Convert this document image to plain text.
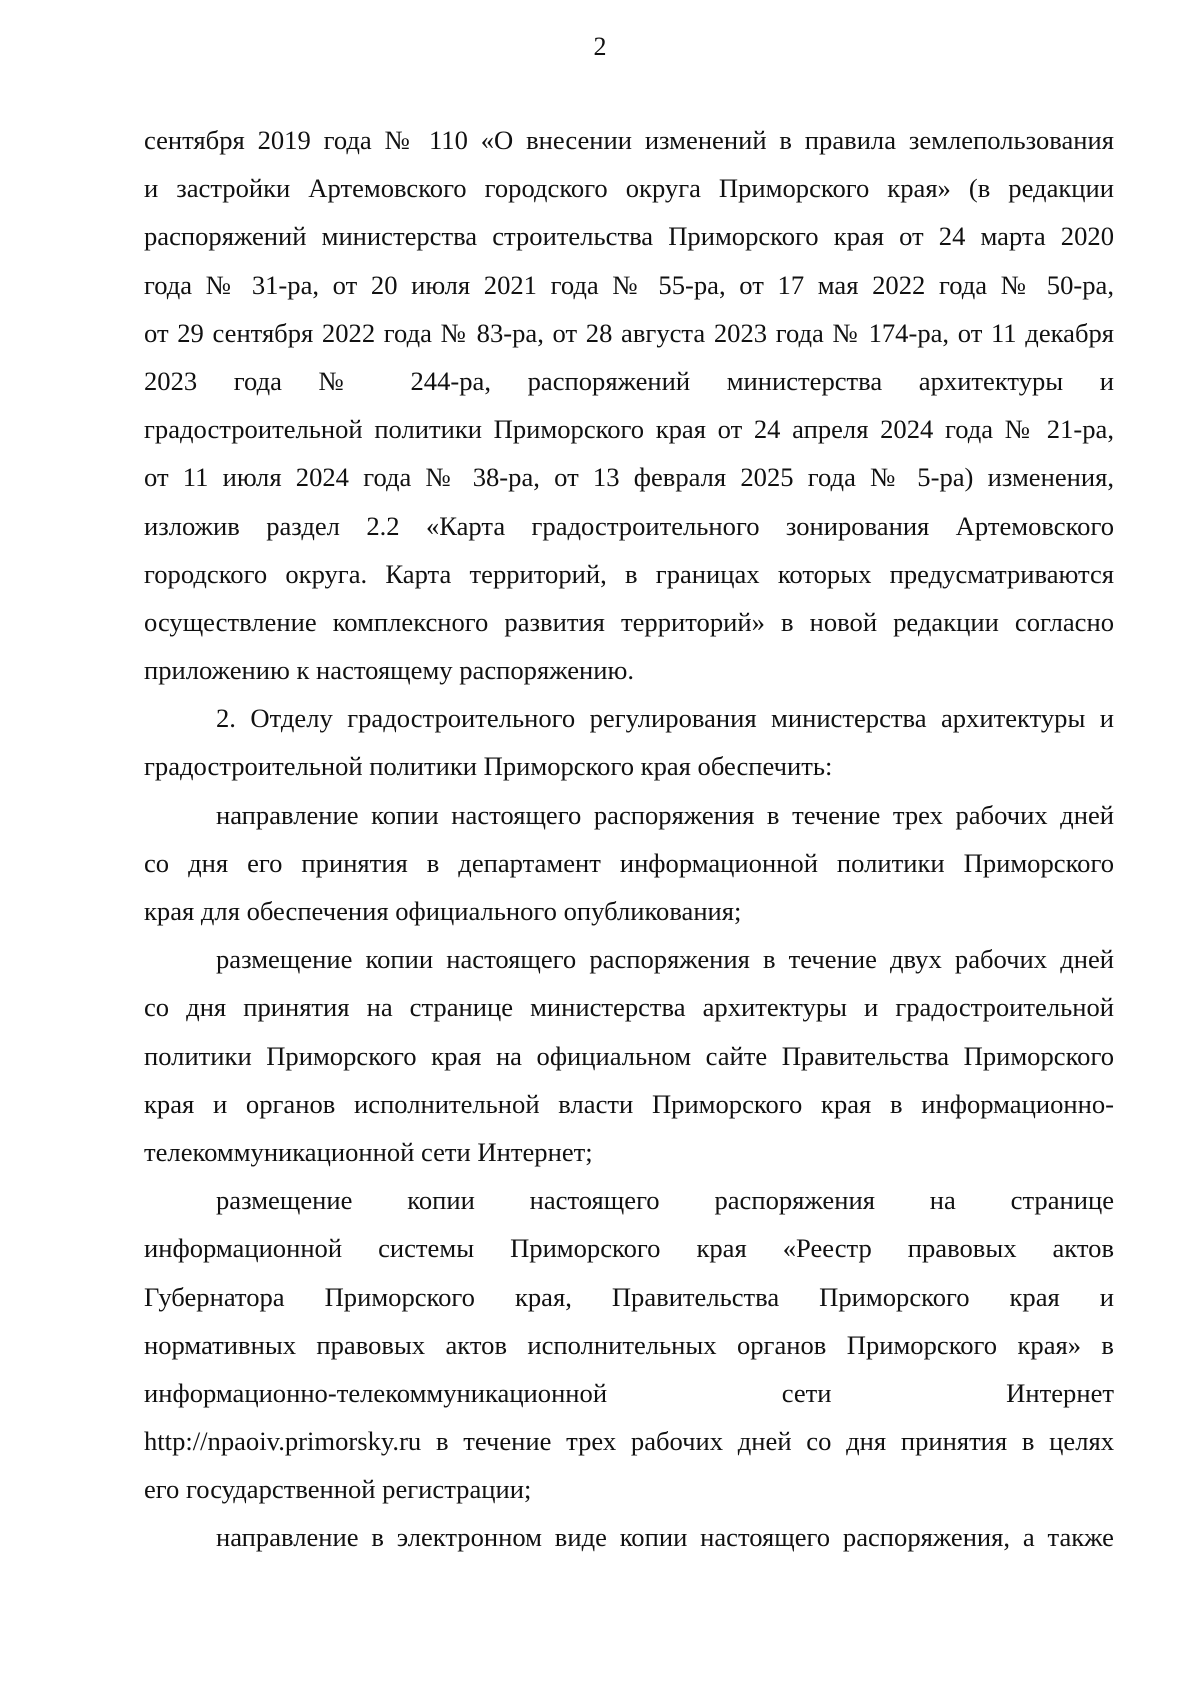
2
сентября 2019 года № 110 «О внесении изменений в правила землепользования
и застройки Артемовского городского округа Приморского края» (в редакции
распоряжений министерства строительства Приморского края от 24 марта 2020
года № 31-ра, от 20 июля 2021 года № 55-ра, от 17 мая 2022 года № 50-ра,
от 29 сентября 2022 года № 83-ра, от 28 августа 2023 года № 174-ра, от 11 декабря
2023 года № 244-ра, распоряжений министерства архитектуры и
градостроительной политики Приморского края от 24 апреля 2024 года № 21-ра,
от 11 июля 2024 года № 38-ра, от 13 февраля 2025 года № 5-ра) изменения,
изложив раздел 2.2 «Карта градостроительного зонирования Артемовского
городского округа. Карта территорий, в границах которых предусматриваются
осуществление комплексного развития территорий» в новой редакции согласно
приложению к настоящему распоряжению.
2. Отделу градостроительного регулирования министерства архитектуры и
градостроительной политики Приморского края обеспечить:
направление копии настоящего распоряжения в течение трех рабочих дней
со дня его принятия в департамент информационной политики Приморского
края для обеспечения официального опубликования;
размещение копии настоящего распоряжения в течение двух рабочих дней
со дня принятия на странице министерства архитектуры и градостроительной
политики Приморского края на официальном сайте Правительства Приморского
края и органов исполнительной власти Приморского края в информационно-
телекоммуникационной сети Интернет;
размещение копии настоящего распоряжения на странице
информационной системы Приморского края «Реестр правовых актов
Губернатора Приморского края, Правительства Приморского края и
нормативных правовых актов исполнительных органов Приморского края» в
информационно-телекоммуникационной сети Интернет
http://npaoiv.primorsky.ru в течение трех рабочих дней со дня принятия в целях
его государственной регистрации;
направление в электронном виде копии настоящего распоряжения, а также
